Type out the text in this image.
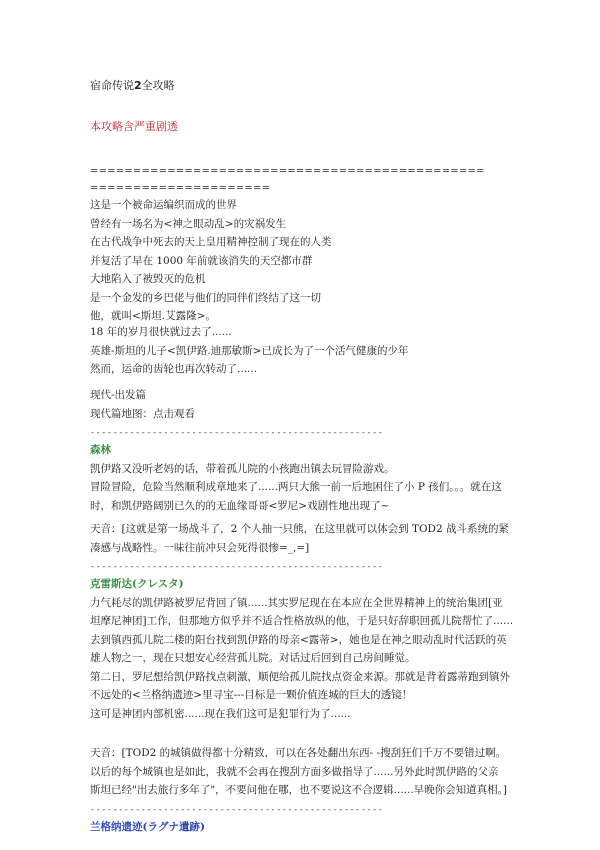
宿命传说2全攻略
本攻略含严重剧透
==============================================
=====================
这是一个被命运编织而成的世界
曾经有一场名为<神之眼动乱>的灾祸发生
在古代战争中死去的天上皇用精神控制了现在的人类
并复活了早在 1000 年前就该消失的天空都市群
大地陷入了被毁灭的危机
是一个金发的乡巴佬与他们的同伴们终结了这一切
他，就叫<斯坦.艾露隆>。
18 年的岁月很快就过去了......
英雄-斯坦的儿子<凯伊路.迪那敏斯>已成长为了一个活气健康的少年
然而，运命的齿轮也再次转动了......
现代-出发篇
现代篇地图：点击观看
----------------------------------------------------
森林
凯伊路又没听老妈的话，带着孤儿院的小孩跑出镇去玩冒险游戏。
冒险冒险，危险当然顺利成章地来了......两只大熊一前一后地困住了小 P 孩们。。。就在这
时，和凯伊路阔别已久的的无血缘哥哥<罗尼>戏剧性地出现了~
天音：[这就是第一场战斗了，2 个人抽一只熊，在这里就可以体会到 TOD2 战斗系统的紧
凑感与战略性。一味往前冲只会死得很惨=_,=]
----------------------------------------------------
克雷斯达(クレスタ)
力气耗尽的凯伊路被罗尼背回了镇......其实罗尼现在在本应在全世界精神上的统治集团[亚
坦摩尼神团]工作，但那地方似乎并不适合性格放纵的他，于是只好辞职回孤儿院帮忙了......
去到镇西孤儿院二楼的阳台找到凯伊路的母亲<露蒂>，她也是在神之眼动乱时代活跃的英
雄人物之一，现在只想安心经营孤儿院。对话过后回到自己房间睡觉。
第二日，罗尼想给凯伊路找点刺激，顺便给孤儿院找点资金来源。那就是背着露蒂跑到镇外
不远处的<兰格纳遗迹>里寻宝---目标是一颗价值连城的巨大的透镜！
这可是神团内部机密......现在我们这可是犯罪行为了......
天音：[TOD2 的城镇做得都十分精致，可以在各处翻出东西- -搜刮狂们千万不要错过啊。
以后的每个城镇也是如此，我就不会再在搜刮方面多做指导了......另外此时凯伊路的父亲
斯坦已经"出去旅行多年了"，不要问他在哪，也不要说这不合逻辑......早晚你会知道真相。]
----------------------------------------------------
兰格纳遗迹(ラグナ遺跡)
